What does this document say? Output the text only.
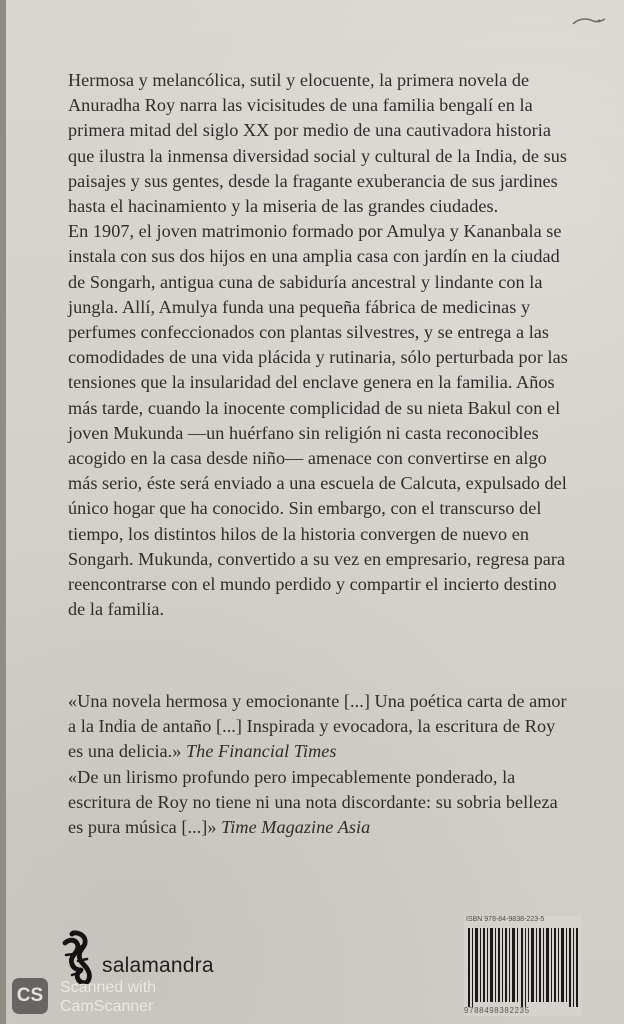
Hermosa y melancólica, sutil y elocuente, la primera novela de Anuradha Roy narra las vicisitudes de una familia bengalí en la primera mitad del siglo XX por medio de una cautivadora historia que ilustra la inmensa diversidad social y cultural de la India, de sus paisajes y sus gentes, desde la fragante exuberancia de sus jardines hasta el hacinamiento y la miseria de las grandes ciudades.

En 1907, el joven matrimonio formado por Amulya y Kananbala se instala con sus dos hijos en una amplia casa con jardín en la ciudad de Songarh, antigua cuna de sabiduría ancestral y lindante con la jungla. Allí, Amulya funda una pequeña fábrica de medicinas y perfumes confeccionados con plantas silvestres, y se entrega a las comodidades de una vida plácida y rutinaria, sólo perturbada por las tensiones que la insularidad del enclave genera en la familia. Años más tarde, cuando la inocente complicidad de su nieta Bakul con el joven Mukunda —un huérfano sin religión ni casta reconocibles acogido en la casa desde niño— amenace con convertirse en algo más serio, éste será enviado a una escuela de Calcuta, expulsado del único hogar que ha conocido. Sin embargo, con el transcurso del tiempo, los distintos hilos de la historia convergen de nuevo en Songarh. Mukunda, convertido a su vez en empresario, regresa para reencontrarse con el mundo perdido y compartir el incierto destino de la familia.

«Una novela hermosa y emocionante [...] Una poética carta de amor a la India de antaño [...] Inspirada y evocadora, la escritura de Roy es una delicia.» The Financial Times

«De un lirismo profundo pero impecablemente ponderado, la escritura de Roy no tiene ni una nota discordante: su sobria belleza es pura música [...]» Time Magazine Asia

salamandra
ISBN 978-84-9838-223-5
9788498382235
CS Scanned with
CamScanner
